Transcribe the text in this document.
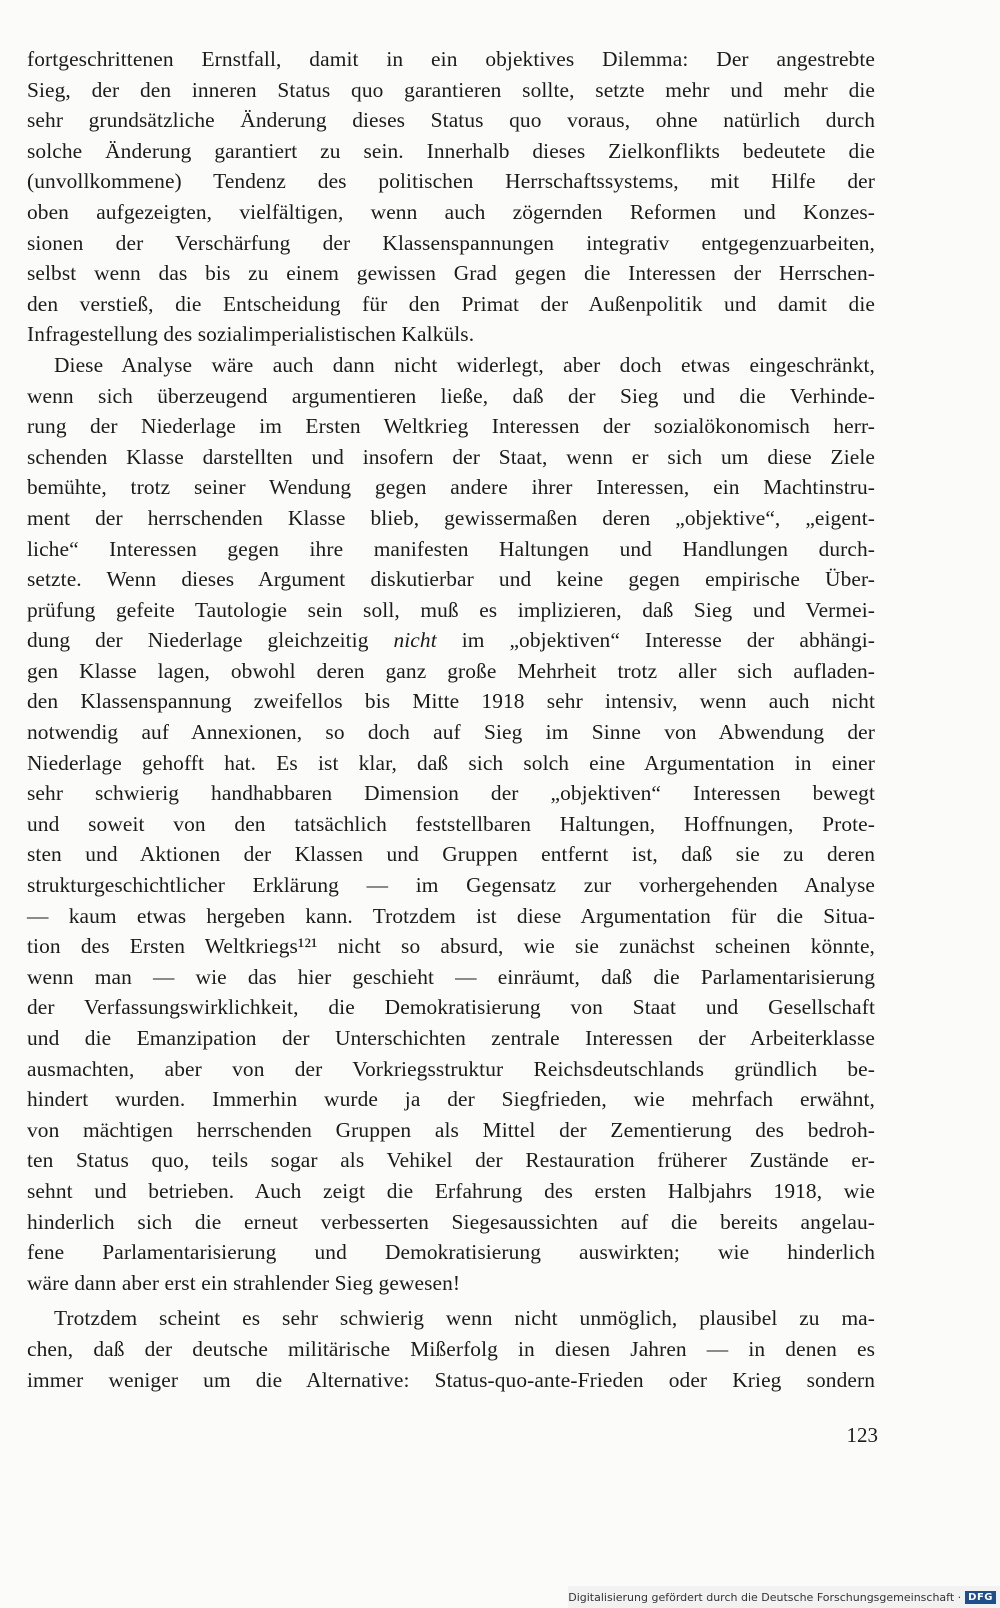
fortgeschrittenen Ernstfall, damit in ein objektives Dilemma: Der angestrebte
Sieg, der den inneren Status quo garantieren sollte, setzte mehr und mehr die
sehr grundsätzliche Änderung dieses Status quo voraus, ohne natürlich durch
solche Änderung garantiert zu sein. Innerhalb dieses Zielkonflikts bedeutete die
(unvollkommene) Tendenz des politischen Herrschaftssystems, mit Hilfe der
oben aufgezeigten, vielfältigen, wenn auch zögernden Reformen und Konzes-
sionen der Verschärfung der Klassenspannungen integrativ entgegenzuarbeiten,
selbst wenn das bis zu einem gewissen Grad gegen die Interessen der Herrschen-
den verstieß, die Entscheidung für den Primat der Außenpolitik und damit die
Infragestellung des sozialimperialistischen Kalküls.
Diese Analyse wäre auch dann nicht widerlegt, aber doch etwas eingeschränkt,
wenn sich überzeugend argumentieren ließe, daß der Sieg und die Verhinde-
rung der Niederlage im Ersten Weltkrieg Interessen der sozialökonomisch herr-
schenden Klasse darstellten und insofern der Staat, wenn er sich um diese Ziele
bemühte, trotz seiner Wendung gegen andere ihrer Interessen, ein Machtinstru-
ment der herrschenden Klasse blieb, gewissermaßen deren „objektive“, „eigent-
liche“ Interessen gegen ihre manifesten Haltungen und Handlungen durch-
setzte. Wenn dieses Argument diskutierbar und keine gegen empirische Über-
prüfung gefeite Tautologie sein soll, muß es implizieren, daß Sieg und Vermei-
dung der Niederlage gleichzeitig nicht im „objektiven“ Interesse der abhängi-
gen Klasse lagen, obwohl deren ganz große Mehrheit trotz aller sich aufladen-
den Klassenspannung zweifellos bis Mitte 1918 sehr intensiv, wenn auch nicht
notwendig auf Annexionen, so doch auf Sieg im Sinne von Abwendung der
Niederlage gehofft hat. Es ist klar, daß sich solch eine Argumentation in einer
sehr schwierig handhabbaren Dimension der „objektiven“ Interessen bewegt
und soweit von den tatsächlich feststellbaren Haltungen, Hoffnungen, Prote-
sten und Aktionen der Klassen und Gruppen entfernt ist, daß sie zu deren
strukturgeschichtlicher Erklärung — im Gegensatz zur vorhergehenden Analyse
— kaum etwas hergeben kann. Trotzdem ist diese Argumentation für die Situa-
tion des Ersten Weltkriegs¹²¹ nicht so absurd, wie sie zunächst scheinen könnte,
wenn man — wie das hier geschieht — einräumt, daß die Parlamentarisierung
der Verfassungswirklichkeit, die Demokratisierung von Staat und Gesellschaft
und die Emanzipation der Unterschichten zentrale Interessen der Arbeiterklasse
ausmachten, aber von der Vorkriegsstruktur Reichsdeutschlands gründlich be-
hindert wurden. Immerhin wurde ja der Siegfrieden, wie mehrfach erwähnt,
von mächtigen herrschenden Gruppen als Mittel der Zementierung des bedroh-
ten Status quo, teils sogar als Vehikel der Restauration früherer Zustände er-
sehnt und betrieben. Auch zeigt die Erfahrung des ersten Halbjahrs 1918, wie
hinderlich sich die erneut verbesserten Siegesaussichten auf die bereits angelau-
fene Parlamentarisierung und Demokratisierung auswirkten; wie hinderlich
wäre dann aber erst ein strahlender Sieg gewesen!
Trotzdem scheint es sehr schwierig wenn nicht unmöglich, plausibel zu ma-
chen, daß der deutsche militärische Mißerfolg in diesen Jahren — in denen es
immer weniger um die Alternative: Status-quo-ante-Frieden oder Krieg sondern
123
Digitalisierung gefördert durch die Deutsche Forschungsgemeinschaft · DFG
